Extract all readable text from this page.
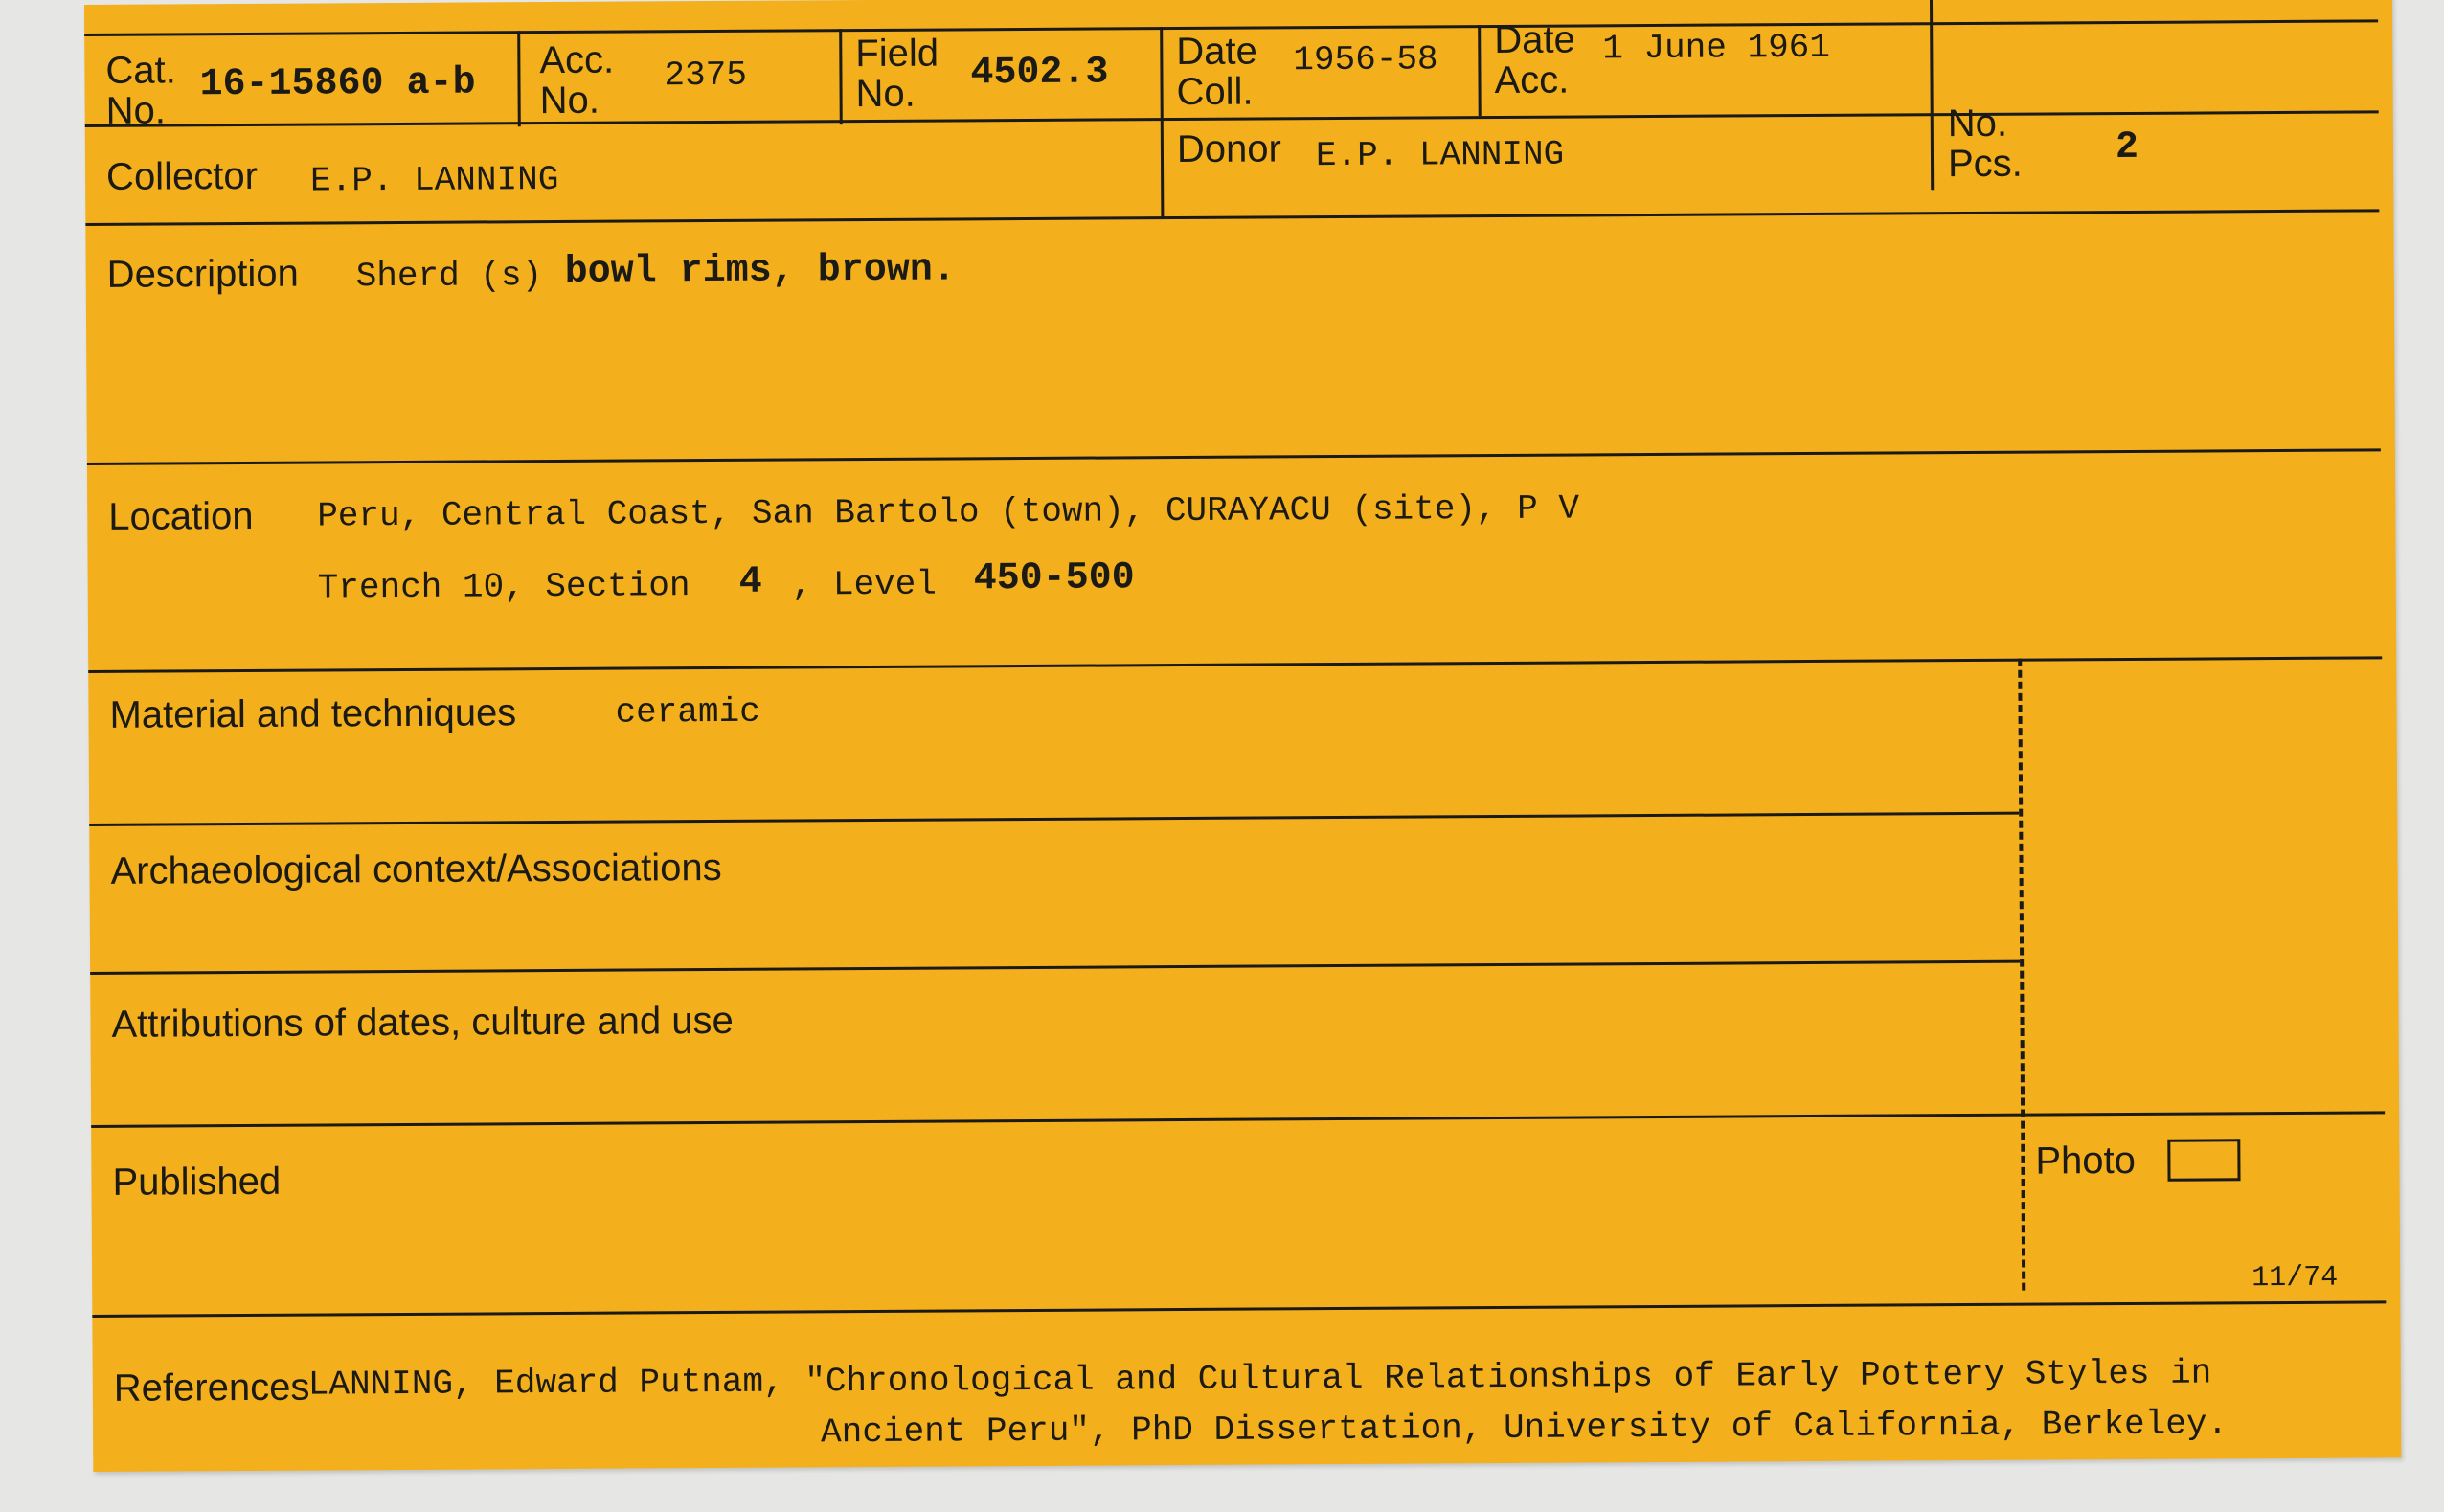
Cat. No.
16-15860 a-b
Acc. No.
2375
Field No. 4502.3 Date Coll.
1956-58 Date Acc.
1 June 1961
Collector E.P. LANNING
Donor E.P. LANNING
No. Pcs. 2
Description Sherd (s) bowl rims, brown.
Location Peru, Central Coast, San Bartolo (town), CURAYACU (site), P V
Trench 10, Section 4 , Level 450-500
Material and techniques	ceramic
Archaeological context/Associations
Attributions of dates, culture and use
Published	Photo
11/74
References
LANNING, Edward Putnam, "Chronological and Cultural Relationships of Early Pottery Styles in
Ancient Peru", PhD Dissertation, University of California, Berkeley.
